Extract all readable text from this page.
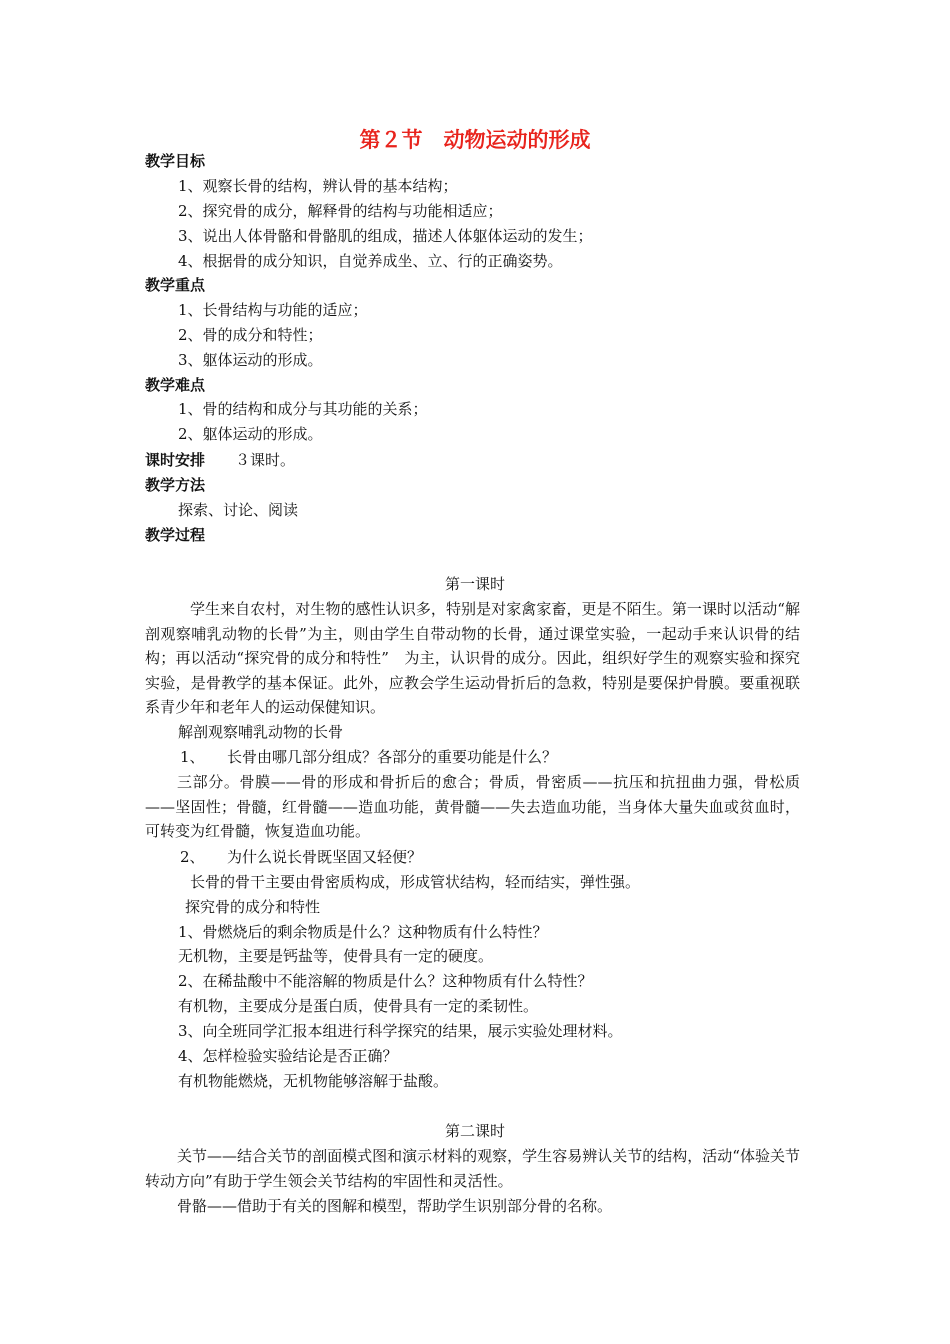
第２节　动物运动的形成
教学目标
1、观察长骨的结构，辨认骨的基本结构；
2、探究骨的成分，解释骨的结构与功能相适应；
3、说出人体骨骼和骨骼肌的组成，描述人体躯体运动的发生；
4、根据骨的成分知识，自觉养成坐、立、行的正确姿势。
教学重点
1、长骨结构与功能的适应；
2、骨的成分和特性；
3、躯体运动的形成。
教学难点
1、骨的结构和成分与其功能的关系；
2、躯体运动的形成。
课时安排 ３课时。
教学方法
探索、讨论、阅读
教学过程
第一课时
学生来自农村，对生物的感性认识多，特别是对家禽家畜，更是不陌生。第一课时以活动“解剖观察哺乳动物的长骨”为主，则由学生自带动物的长骨，通过课堂实验，一起动手来认识骨的结构；再以活动“探究骨的成分和特性”　为主，认识骨的成分。因此，组织好学生的观察实验和探究实验，是骨教学的基本保证。此外，应教会学生运动骨折后的急救，特别是要保护骨膜。要重视联系青少年和老年人的运动保健知识。
解剖观察哺乳动物的长骨
1、　　长骨由哪几部分组成？各部分的重要功能是什么？
三部分。骨膜——骨的形成和骨折后的愈合；骨质，骨密质——抗压和抗扭曲力强，骨松质——坚固性；骨髓，红骨髓——造血功能，黄骨髓——失去造血功能，当身体大量失血或贫血时，可转变为红骨髓，恢复造血功能。
2、　　为什么说长骨既坚固又轻便？
长骨的骨干主要由骨密质构成，形成管状结构，轻而结实，弹性强。
探究骨的成分和特性
1、骨燃烧后的剩余物质是什么？这种物质有什么特性？
无机物，主要是钙盐等，使骨具有一定的硬度。
2、在稀盐酸中不能溶解的物质是什么？这种物质有什么特性？
有机物，主要成分是蛋白质，使骨具有一定的柔韧性。
3、向全班同学汇报本组进行科学探究的结果，展示实验处理材料。
4、怎样检验实验结论是否正确？
有机物能燃烧，无机物能够溶解于盐酸。
第二课时
关节——结合关节的剖面模式图和演示材料的观察，学生容易辨认关节的结构，活动“体验关节转动方向”有助于学生领会关节结构的牢固性和灵活性。
骨骼——借助于有关的图解和模型，帮助学生识别部分骨的名称。
